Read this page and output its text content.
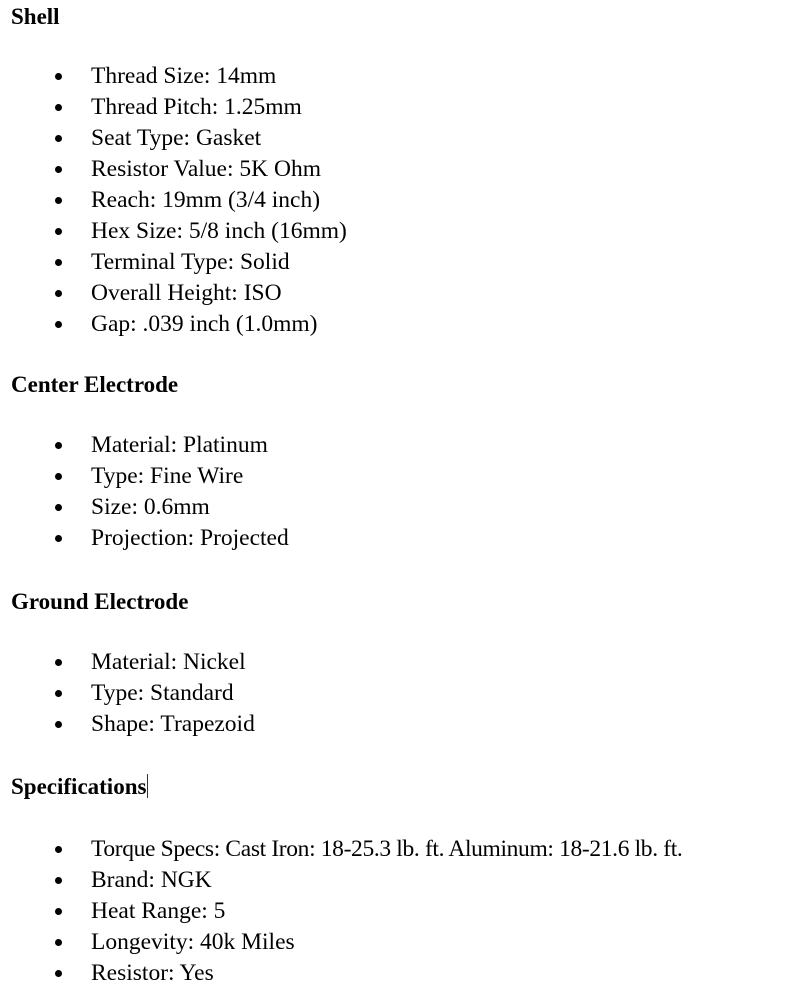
Shell
Thread Size: 14mm
Thread Pitch: 1.25mm
Seat Type: Gasket
Resistor Value: 5K Ohm
Reach: 19mm (3/4 inch)
Hex Size: 5/8 inch (16mm)
Terminal Type: Solid
Overall Height: ISO
Gap: .039 inch (1.0mm)
Center Electrode
Material: Platinum
Type: Fine Wire
Size: 0.6mm
Projection: Projected
Ground Electrode
Material: Nickel
Type: Standard
Shape: Trapezoid
Specifications
Torque Specs: Cast Iron: 18-25.3 lb. ft. Aluminum: 18-21.6 lb. ft.
Brand: NGK
Heat Range: 5
Longevity: 40k Miles
Resistor: Yes
